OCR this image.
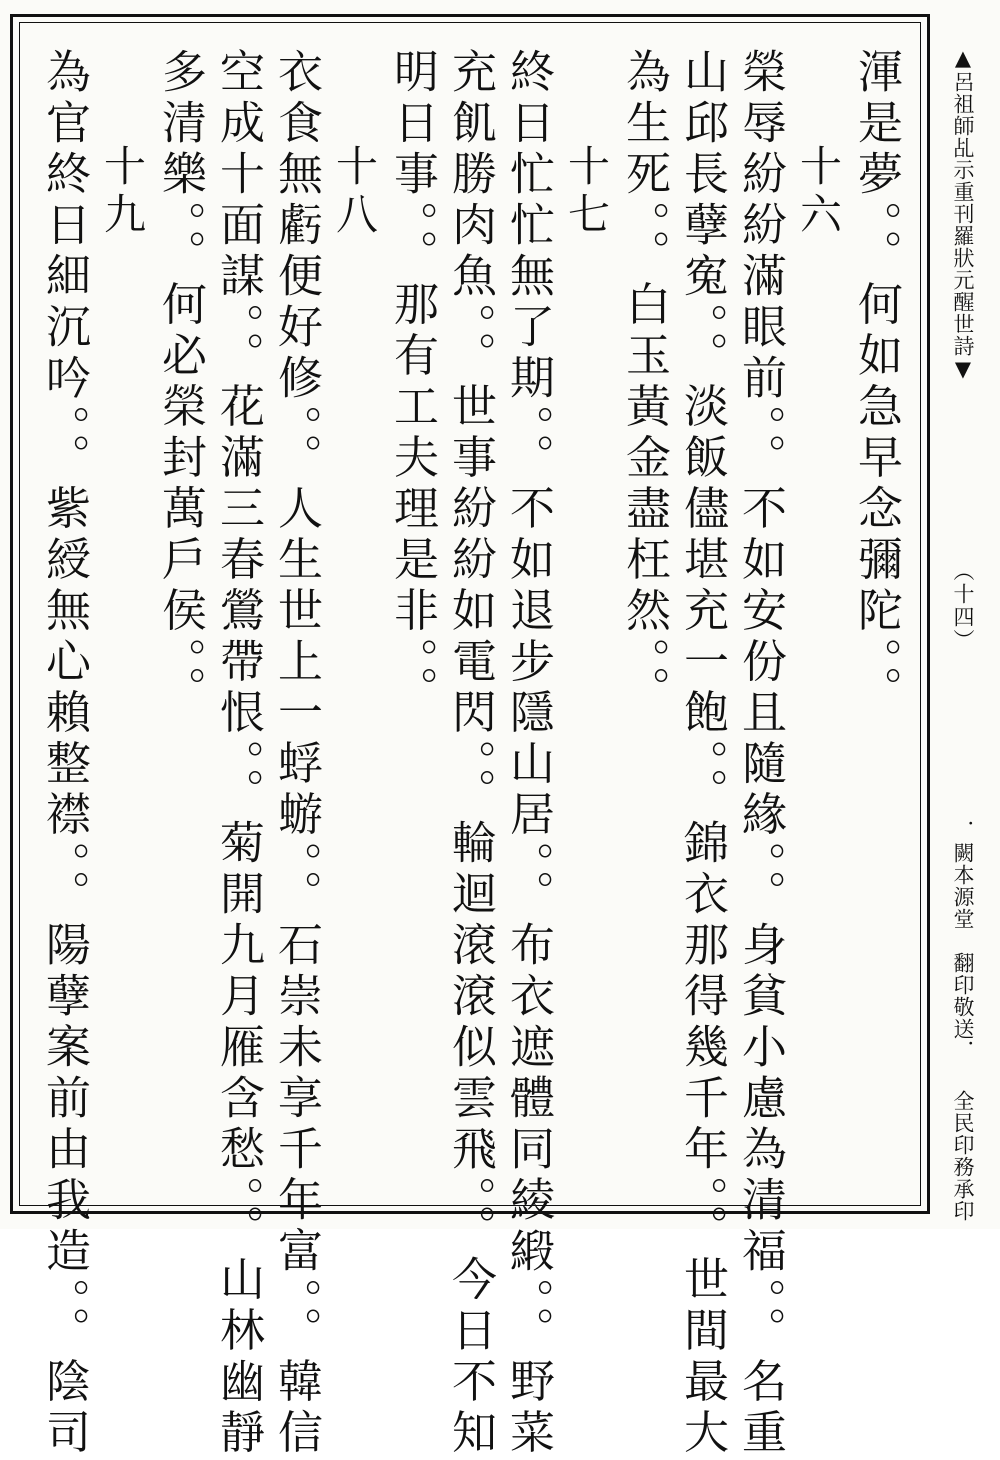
渾是夢。。何如急早念彌陀。。
　　十六
榮辱紛紛滿眼前。。不如安份且隨緣。。身貧小慮為清福。。名重
山邱長孽寃。。淡飯儘堪充一飽。。錦衣那得幾千年。。世間最大
為生死。。白玉黃金盡枉然。。
　　十七
終日忙忙無了期。。不如退步隱山居。。布衣遮體同綾緞。。野菜
充飢勝肉魚。。世事紛紛如電閃。。輪迴滾滾似雲飛。。今日不知
明日事。。那有工夫理是非。。
　　十八
衣食無虧便好修。。人生世上一蜉蝣。。石崇未享千年富。。韓信
空成十面謀。。花滿三春鶯帶恨。。菊開九月雁含愁。。山林幽靜
多清樂。。何必榮封萬戶侯。。
　　十九
為官終日細沉吟。。紫綬無心賴整襟。。陽孽案前由我造。。陰司	▲呂祖師乩示重刊羅狀元醒世詩▼
（十四）
．闕本源堂　翻印敬送．
全民印務承印
